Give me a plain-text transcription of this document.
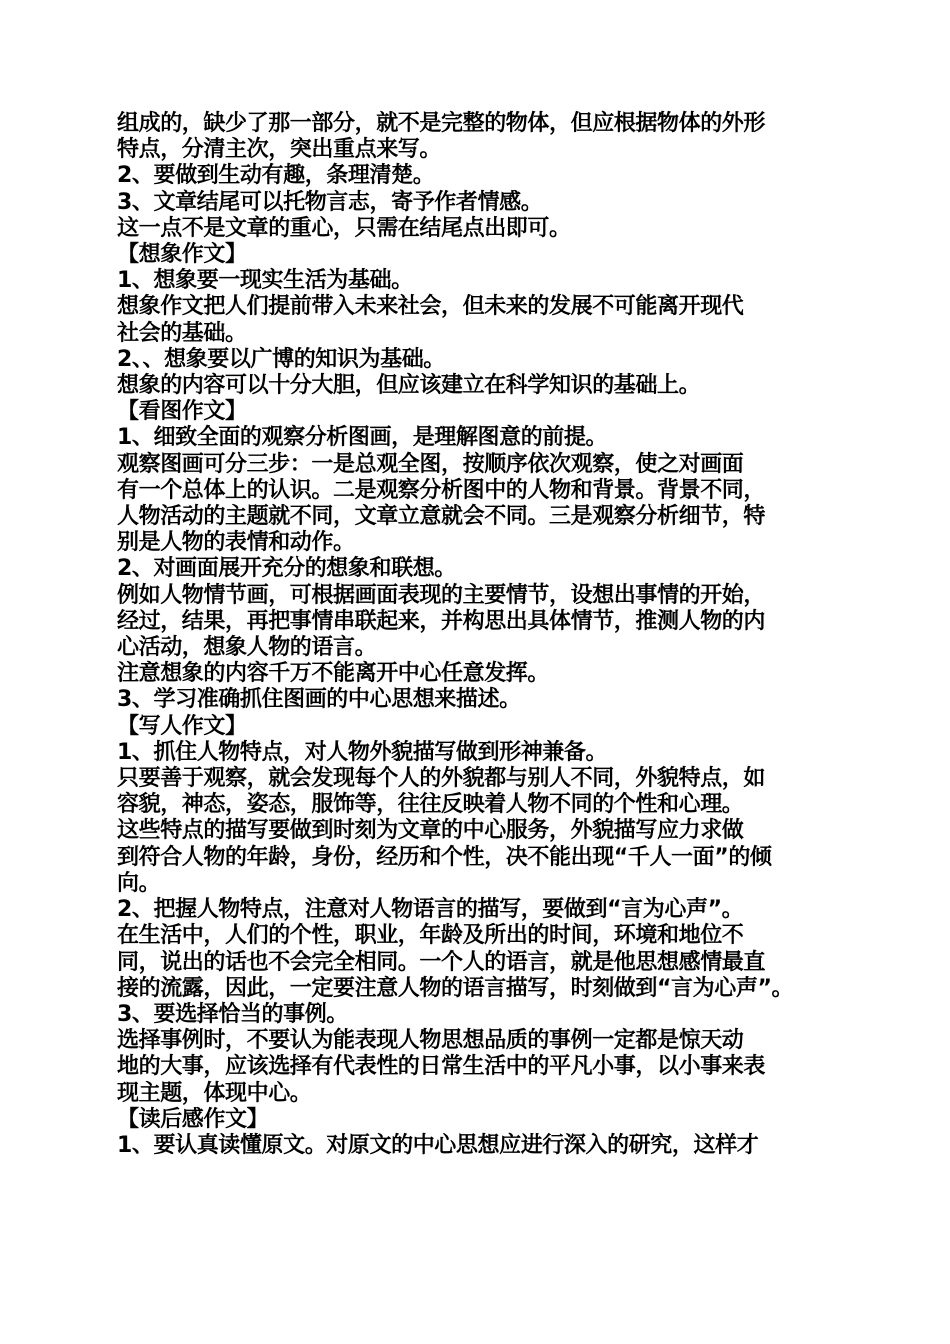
组成的，缺少了那一部分，就不是完整的物体，但应根据物体的外形
特点，分清主次，突出重点来写。
2、要做到生动有趣，条理清楚。
3、文章结尾可以托物言志，寄予作者情感。
这一点不是文章的重心，只需在结尾点出即可。
【想象作文】
1、想象要一现实生活为基础。
想象作文把人们提前带入未来社会，但未来的发展不可能离开现代
社会的基础。
2、、想象要以广博的知识为基础。
想象的内容可以十分大胆，但应该建立在科学知识的基础上。
【看图作文】
1、细致全面的观察分析图画，是理解图意的前提。
观察图画可分三步：一是总观全图，按顺序依次观察，使之对画面
有一个总体上的认识。二是观察分析图中的人物和背景。背景不同，
人物活动的主题就不同，文章立意就会不同。三是观察分析细节，特
别是人物的表情和动作。
2、对画面展开充分的想象和联想。
例如人物情节画，可根据画面表现的主要情节，设想出事情的开始，
经过，结果，再把事情串联起来，并构思出具体情节，推测人物的内
心活动，想象人物的语言。
注意想象的内容千万不能离开中心任意发挥。
3、学习准确抓住图画的中心思想来描述。
【写人作文】
1、抓住人物特点，对人物外貌描写做到形神兼备。
只要善于观察，就会发现每个人的外貌都与别人不同，外貌特点，如
容貌，神态，姿态，服饰等，往往反映着人物不同的个性和心理。
这些特点的描写要做到时刻为文章的中心服务，外貌描写应力求做
到符合人物的年龄，身份，经历和个性，决不能出现“千人一面”的倾
向。
2、把握人物特点，注意对人物语言的描写，要做到“言为心声”。
在生活中，人们的个性，职业，年龄及所出的时间，环境和地位不
同，说出的话也不会完全相同。一个人的语言，就是他思想感情最直
接的流露，因此，一定要注意人物的语言描写，时刻做到“言为心声”。
3、要选择恰当的事例。
选择事例时，不要认为能表现人物思想品质的事例一定都是惊天动
地的大事，应该选择有代表性的日常生活中的平凡小事，以小事来表
现主题，体现中心。
【读后感作文】
1、要认真读懂原文。对原文的中心思想应进行深入的研究，这样才
